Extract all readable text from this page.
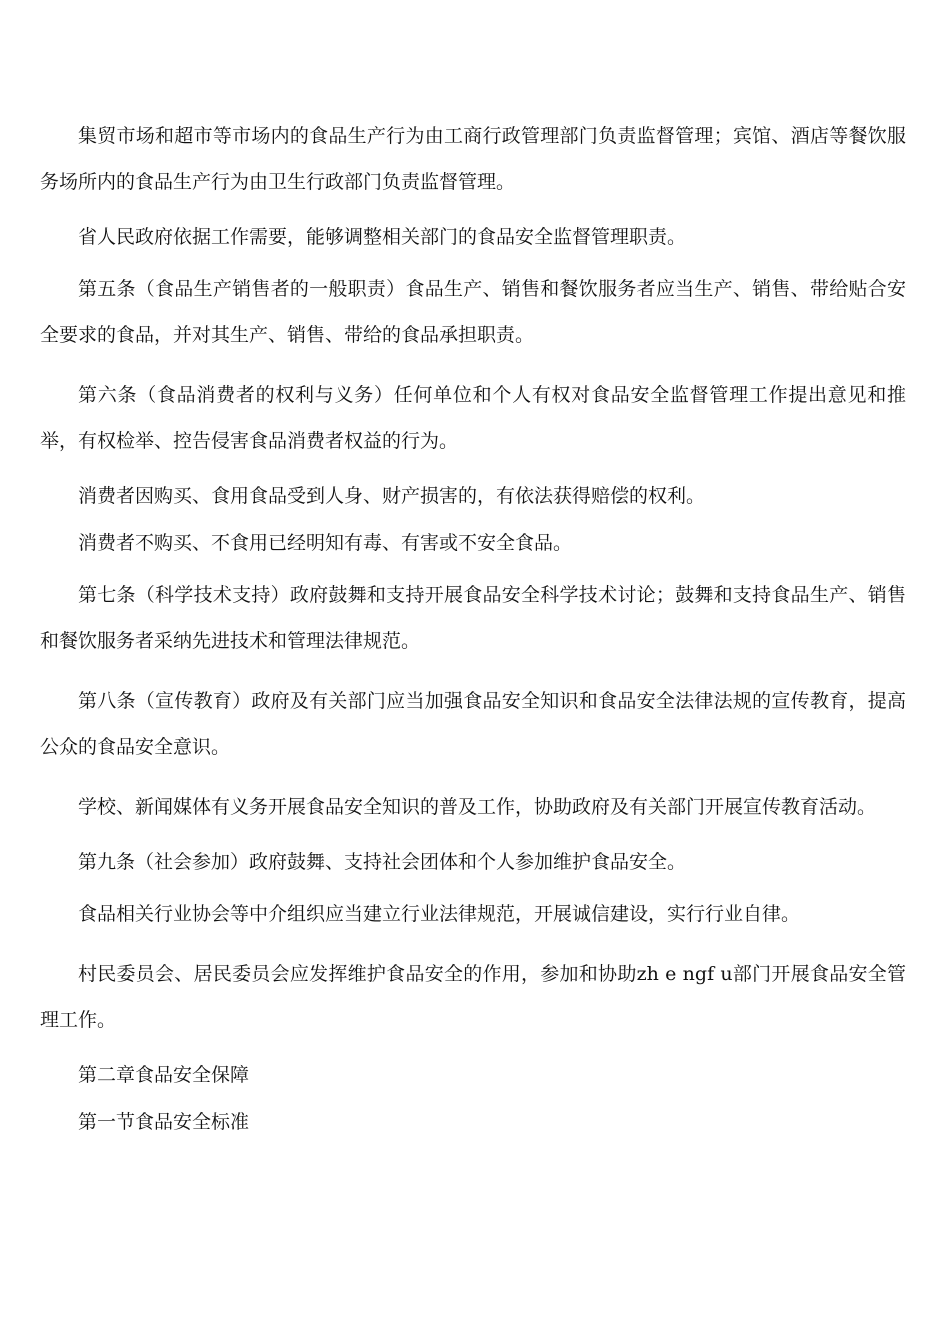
集贸市场和超市等市场内的食品生产行为由工商行政管理部门负责监督管理；宾馆、酒店等餐饮服务场所内的食品生产行为由卫生行政部门负责监督管理。

省人民政府依据工作需要，能够调整相关部门的食品安全监督管理职责。

第五条（食品生产销售者的一般职责）食品生产、销售和餐饮服务者应当生产、销售、带给贴合安全要求的食品，并对其生产、销售、带给的食品承担职责。

第六条（食品消费者的权利与义务）任何单位和个人有权对食品安全监督管理工作提出意见和推举，有权检举、控告侵害食品消费者权益的行为。

消费者因购买、食用食品受到人身、财产损害的，有依法获得赔偿的权利。

消费者不购买、不食用已经明知有毒、有害或不安全食品。

第七条（科学技术支持）政府鼓舞和支持开展食品安全科学技术讨论；鼓舞和支持食品生产、销售和餐饮服务者采纳先进技术和管理法律规范。

第八条（宣传教育）政府及有关部门应当加强食品安全知识和食品安全法律法规的宣传教育，提高公众的食品安全意识。

学校、新闻媒体有义务开展食品安全知识的普及工作，协助政府及有关部门开展宣传教育活动。

第九条（社会参加）政府鼓舞、支持社会团体和个人参加维护食品安全。

食品相关行业协会等中介组织应当建立行业法律规范，开展诚信建设，实行行业自律。

村民委员会、居民委员会应发挥维护食品安全的作用，参加和协助zh e ngf u部门开展食品安全管理工作。

第二章食品安全保障

第一节食品安全标准
